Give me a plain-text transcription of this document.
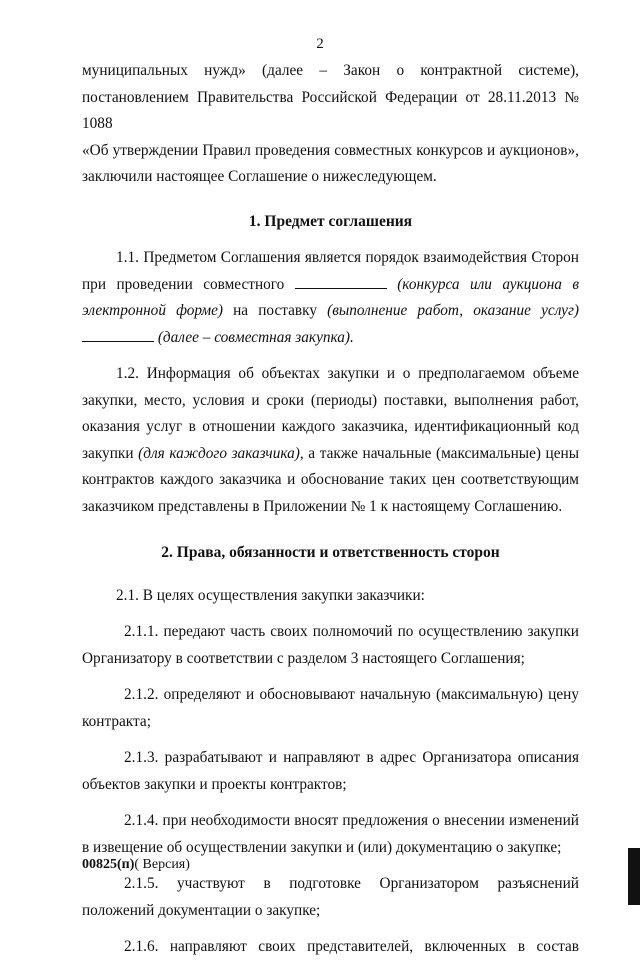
2

муниципальных нужд» (далее – Закон о контрактной системе),

постановлением Правительства Российской Федерации от 28.11.2013 № 1088

«Об утверждении Правил проведения совместных конкурсов и аукционов»,

заключили настоящее Соглашение о нижеследующем.

1. Предмет соглашения

1.1. Предметом Соглашения является порядок взаимодействия Сторон при проведении совместного	(конкурса или аукциона в электронной форме) на поставку (выполнение работ, оказание услуг)  (далее – совместная закупка).

1.2. Информация об объектах закупки и о предполагаемом объеме закупки, место, условия и сроки (периоды) поставки, выполнения работ, оказания услуг в отношении каждого заказчика, идентификационный код закупки (для каждого заказчика), а также начальные (максимальные) цены контрактов каждого заказчика и обоснование таких цен соответствующим заказчиком представлены в Приложении № 1 к настоящему Соглашению.

2. Права, обязанности и ответственность сторон

2.1. В целях осуществления закупки заказчики:

2.1.1. передают часть своих полномочий по осуществлению закупки Организатору в соответствии с разделом 3 настоящего Соглашения;

2.1.2. определяют и обосновывают начальную (максимальную) цену контракта;

2.1.3. разрабатывают и направляют в адрес Организатора описания объектов закупки и проекты контрактов;

2.1.4. при необходимости вносят предложения о внесении изменений в извещение об осуществлении закупки и (или) документацию о закупке;

2.1.5. участвуют в подготовке Организатором разъяснений положений документации о закупке;

2.1.6. направляют своих представителей, включенных в состав

00825(п)( Версия)
